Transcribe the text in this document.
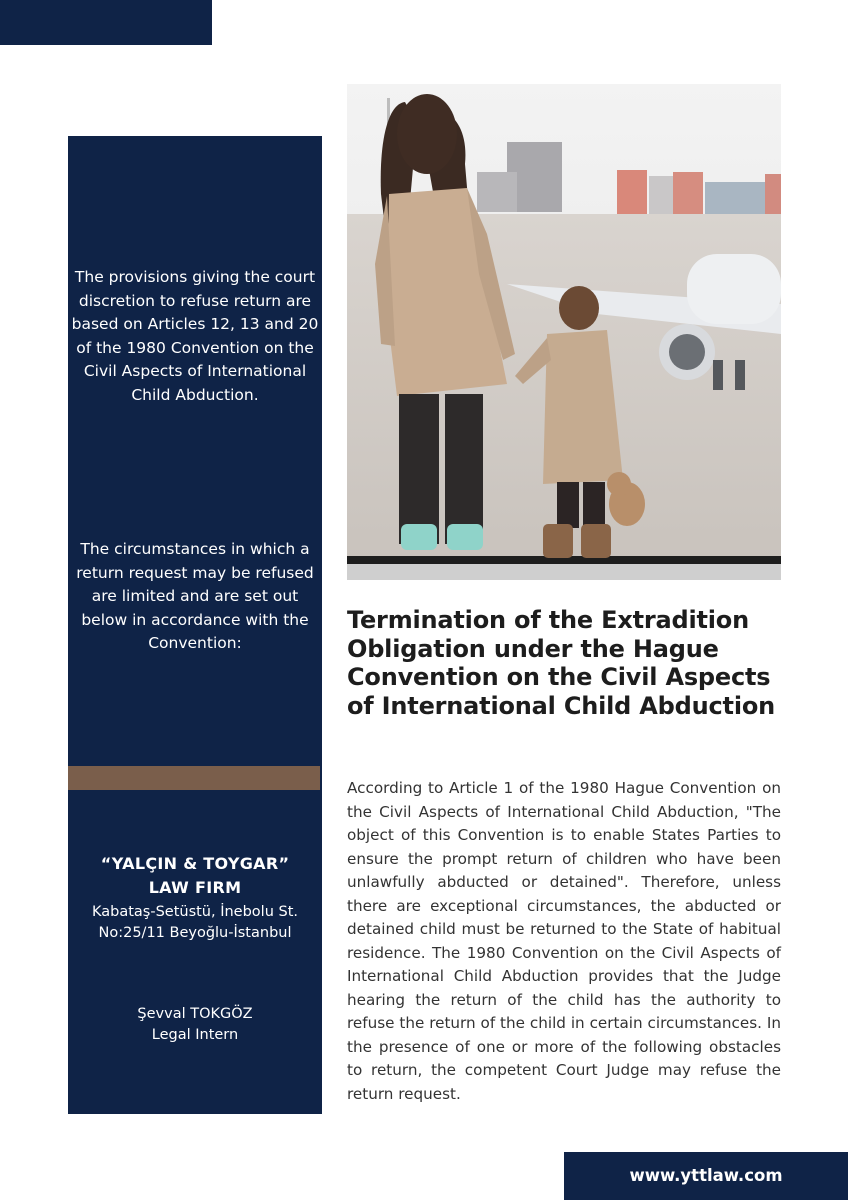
The provisions giving the court discretion to refuse return are based on Articles 12, 13 and 20 of the 1980 Convention on the Civil Aspects of International Child Abduction.
The circumstances in which a return request may be refused are limited and are set out below in accordance with the Convention:
“YALÇIN & TOYGAR”
LAW FIRM
Kabataş-Setüstü, İnebolu St. No:25/11 Beyoğlu-İstanbul
Şevval TOKGÖZ
Legal Intern
Termination of the Extradition Obligation under the Hague Convention on the Civil Aspects of International Child Abduction

According to Article 1 of the 1980 Hague Convention on the Civil Aspects of International Child Abduction, "The object of this Convention is to enable States Parties to ensure the prompt return of children who have been unlawfully abducted or detained". Therefore, unless there are exceptional circumstances, the abducted or detained child must be returned to the State of habitual residence. The 1980 Convention on the Civil Aspects of International Child Abduction provides that the Judge hearing the return of the child has the authority to refuse the return of the child in certain circumstances. In the presence of one or more of the following obstacles to return, the competent Court Judge may refuse the return request.

www.yttlaw.com
